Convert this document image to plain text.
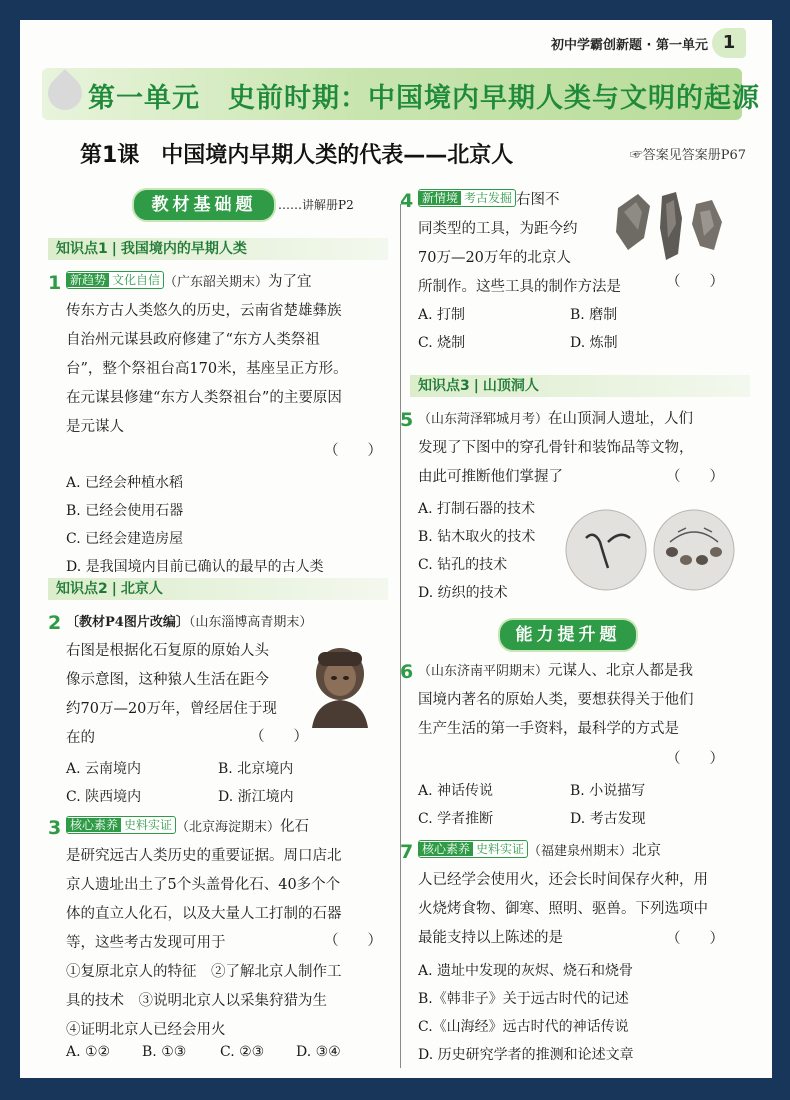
初中学霸创新题 · 第一单元 1
第一单元　史前时期：中国境内早期人类与文明的起源
第1课　中国境内早期人类的代表——北京人	☞答案见答案册P67
教材基础题	……讲解册P2
知识点1 | 我国境内的早期人类
1 新趋势 文化自信 （广东韶关期末）为了宜
传东方古人类悠久的历史，云南省楚雄彝族
自治州元谋县政府修建了“东方人类祭祖
台”，整个祭祖台高170米，基座呈正方形。
在元谋县修建“东方人类祭祖台”的主要原因
是元谋人
（　　）
A. 已经会种植水稻
B. 已经会使用石器
C. 已经会建造房屋
D. 是我国境内目前已确认的最早的古人类
知识点2 | 北京人
2 〔教材P4图片改编〕（山东淄博高青期末）
右图是根据化石复原的原始人头
像示意图，这种猿人生活在距今
约70万—20万年，曾经居住于现
在的	（　　）
A. 云南境内	B. 北京境内
C. 陕西境内	D. 浙江境内
3 核心素养 史料实证 （北京海淀期末）化石
是研究远古人类历史的重要证据。周口店北
京人遗址出土了5个头盖骨化石、40多个个
体的直立人化石，以及大量人工打制的石器
等，这些考古发现可用于
①复原北京人的特征　②了解北京人制作工
具的技术　③说明北京人以采集狩猎为生
④证明北京人已经会用火
（　　）
A. ①② B. ①③ C. ②③ D. ③④
4 新情境 考古发掘 右图不
同类型的工具，为距今约
70万—20万年的北京人
所制作。这些工具的制作方法是	（　　）
A. 打制	B. 磨制
C. 烧制	D. 炼制
知识点3 | 山顶洞人
5 （山东菏泽郓城月考）在山顶洞人遗址，人们
发现了下图中的穿孔骨针和装饰品等文物，
由此可推断他们掌握了	（　　）
A. 打制石器的技术
B. 钻木取火的技术
C. 钻孔的技术
D. 纺织的技术
能力提升题
6 （山东济南平阴期末）元谋人、北京人都是我
国境内著名的原始人类，要想获得关于他们
生产生活的第一手资料，最科学的方式是
（　　）
A. 神话传说	B. 小说描写
C. 学者推断	D. 考古发现
7 核心素养 史料实证 （福建泉州期末）北京
人已经学会使用火，还会长时间保存火种，用
火烧烤食物、御寒、照明、驱兽。下列选项中
最能支持以上陈述的是	（　　）
A. 遗址中发现的灰烬、烧石和烧骨
B.《韩非子》关于远古时代的记述
C.《山海经》远古时代的神话传说
D. 历史研究学者的推测和论述文章
